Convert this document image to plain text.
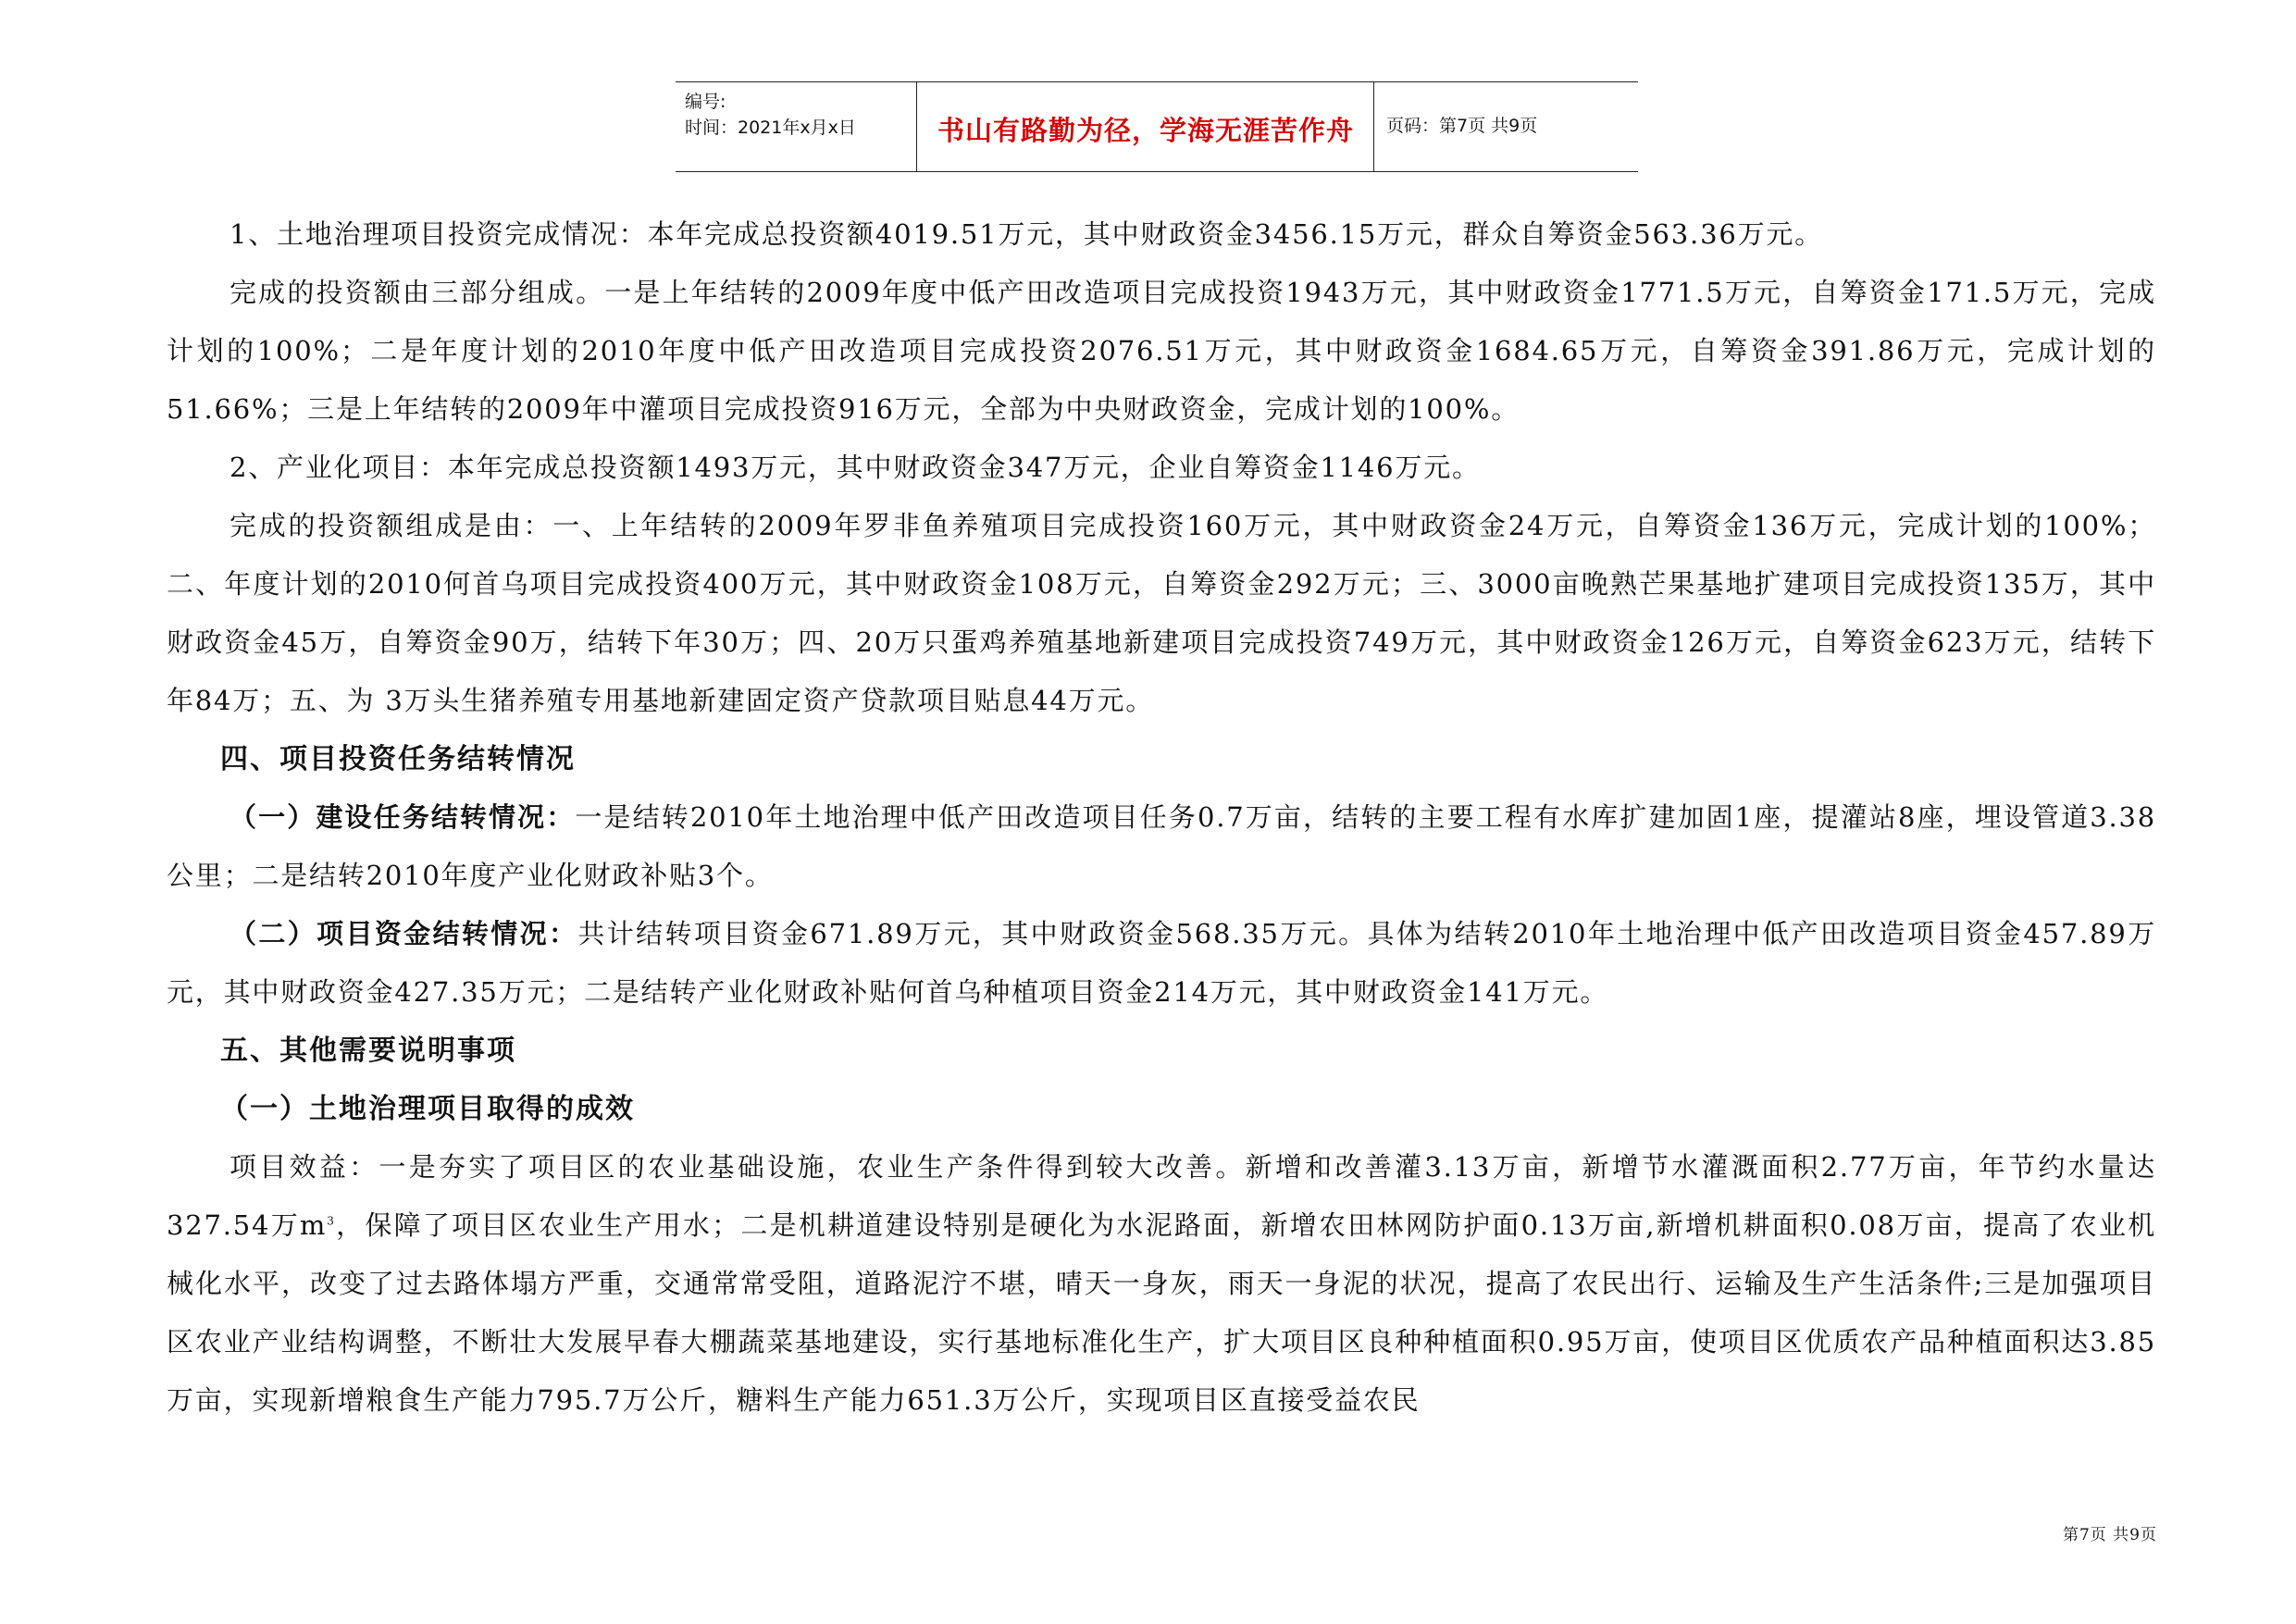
编号:
时间：2021年x月x日	书山有路勤为径，学海无涯苦作舟	页码：第7页 共9页

1、土地治理项目投资完成情况：本年完成总投资额4019.51万元，其中财政资金3456.15万元，群众自筹资金563.36万元。

完成的投资额由三部分组成。一是上年结转的2009年度中低产田改造项目完成投资1943万元，其中财政资金1771.5万元，自筹资金171.5万元，完成计划的100%；二是年度计划的2010年度中低产田改造项目完成投资2076.51万元，其中财政资金1684.65万元，自筹资金391.86万元，完成计划的51.66%；三是上年结转的2009年中灌项目完成投资916万元，全部为中央财政资金，完成计划的100%。

2、产业化项目：本年完成总投资额1493万元，其中财政资金347万元，企业自筹资金1146万元。

完成的投资额组成是由：一、上年结转的2009年罗非鱼养殖项目完成投资160万元，其中财政资金24万元，自筹资金136万元，完成计划的100%；二、年度计划的2010何首乌项目完成投资400万元，其中财政资金108万元，自筹资金292万元；三、3000亩晚熟芒果基地扩建项目完成投资135万，其中财政资金45万，自筹资金90万，结转下年30万；四、20万只蛋鸡养殖基地新建项目完成投资749万元，其中财政资金126万元，自筹资金623万元，结转下年84万；五、为 3万头生猪养殖专用基地新建固定资产贷款项目贴息44万元。

四、项目投资任务结转情况

（一）建设任务结转情况：一是结转2010年土地治理中低产田改造项目任务0.7万亩，结转的主要工程有水库扩建加固1座，提灌站8座，埋设管道3.38公里；二是结转2010年度产业化财政补贴3个。

（二）项目资金结转情况：共计结转项目资金671.89万元，其中财政资金568.35万元。具体为结转2010年土地治理中低产田改造项目资金457.89万元，其中财政资金427.35万元；二是结转产业化财政补贴何首乌种植项目资金214万元，其中财政资金141万元。

五、其他需要说明事项

（一）土地治理项目取得的成效

项目效益：一是夯实了项目区的农业基础设施，农业生产条件得到较大改善。新增和改善灌3.13万亩，新增节水灌溉面积2.77万亩，年节约水量达327.54万$m^3$，保障了项目区农业生产用水；二是机耕道建设特别是硬化为水泥路面，新增农田林网防护面0.13万亩,新增机耕面积0.08万亩，提高了农业机械化水平，改变了过去路体塌方严重，交通常常受阻，道路泥泞不堪，晴天一身灰，雨天一身泥的状况，提高了农民出行、运输及生产生活条件;三是加强项目区农业产业结构调整，不断壮大发展早春大棚蔬菜基地建设，实行基地标准化生产，扩大项目区良种种植面积0.95万亩，使项目区优质农产品种植面积达3.85万亩，实现新增粮食生产能力795.7万公斤，糖料生产能力651.3万公斤，实现项目区直接受益农民

第7页 共9页
